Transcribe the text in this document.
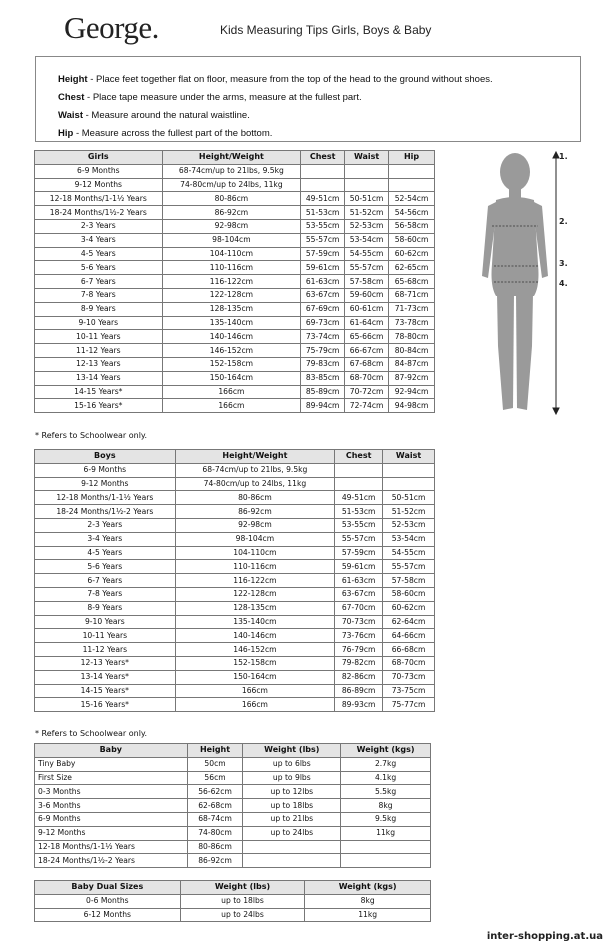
George.	Kids Measuring Tips Girls, Boys & Baby
Height - Place feet together flat on floor, measure from the top of the head to the ground without shoes.
Chest - Place tape measure under the arms, measure at the fullest part.
Waist - Measure around the natural waistline.
Hip - Measure across the fullest part of the bottom.
Girls	Height/Weight	Chest	Waist	Hip
6-9 Months	68-74cm/up to 21lbs, 9.5kg			
9-12 Months	74-80cm/up to 24lbs, 11kg			
12-18 Months/1-1½ Years	80-86cm	49-51cm	50-51cm	52-54cm
18-24 Months/1½-2 Years	86-92cm	51-53cm	51-52cm	54-56cm
2-3 Years	92-98cm	53-55cm	52-53cm	56-58cm
3-4 Years	98-104cm	55-57cm	53-54cm	58-60cm
4-5 Years	104-110cm	57-59cm	54-55cm	60-62cm
5-6 Years	110-116cm	59-61cm	55-57cm	62-65cm
6-7 Years	116-122cm	61-63cm	57-58cm	65-68cm
7-8 Years	122-128cm	63-67cm	59-60cm	68-71cm
8-9 Years	128-135cm	67-69cm	60-61cm	71-73cm
9-10 Years	135-140cm	69-73cm	61-64cm	73-78cm
10-11 Years	140-146cm	73-74cm	65-66cm	78-80cm
11-12 Years	146-152cm	75-79cm	66-67cm	80-84cm
12-13 Years	152-158cm	79-83cm	67-68cm	84-87cm
13-14 Years	150-164cm	83-85cm	68-70cm	87-92cm
14-15 Years*	166cm	85-89cm	70-72cm	92-94cm
15-16 Years*	166cm	89-94cm	72-74cm	94-98cm
* Refers to Schoolwear only.
Boys	Height/Weight	Chest	Waist
6-9 Months	68-74cm/up to 21lbs, 9.5kg		
9-12 Months	74-80cm/up to 24lbs, 11kg		
12-18 Months/1-1½ Years	80-86cm	49-51cm	50-51cm
18-24 Months/1½-2 Years	86-92cm	51-53cm	51-52cm
2-3 Years	92-98cm	53-55cm	52-53cm
3-4 Years	98-104cm	55-57cm	53-54cm
4-5 Years	104-110cm	57-59cm	54-55cm
5-6 Years	110-116cm	59-61cm	55-57cm
6-7 Years	116-122cm	61-63cm	57-58cm
7-8 Years	122-128cm	63-67cm	58-60cm
8-9 Years	128-135cm	67-70cm	60-62cm
9-10 Years	135-140cm	70-73cm	62-64cm
10-11 Years	140-146cm	73-76cm	64-66cm
11-12 Years	146-152cm	76-79cm	66-68cm
12-13 Years*	152-158cm	79-82cm	68-70cm
13-14 Years*	150-164cm	82-86cm	70-73cm
14-15 Years*	166cm	86-89cm	73-75cm
15-16 Years*	166cm	89-93cm	75-77cm
* Refers to Schoolwear only.
Baby	Height	Weight (lbs)	Weight (kgs)
Tiny Baby	50cm	up to 6lbs	2.7kg
First Size	56cm	up to 9lbs	4.1kg
0-3 Months	56-62cm	up to 12lbs	5.5kg
3-6 Months	62-68cm	up to 18lbs	8kg
6-9 Months	68-74cm	up to 21lbs	9.5kg
9-12 Months	74-80cm	up to 24lbs	11kg
12-18 Months/1-1½ Years	80-86cm		
18-24 Months/1½-2 Years	86-92cm		
Baby Dual Sizes	Weight (lbs)	Weight (kgs)
0-6 Months	up to 18lbs	8kg
6-12 Months	up to 24lbs	11kg
1.
2.
3.
4.
inter-shopping.at.ua
